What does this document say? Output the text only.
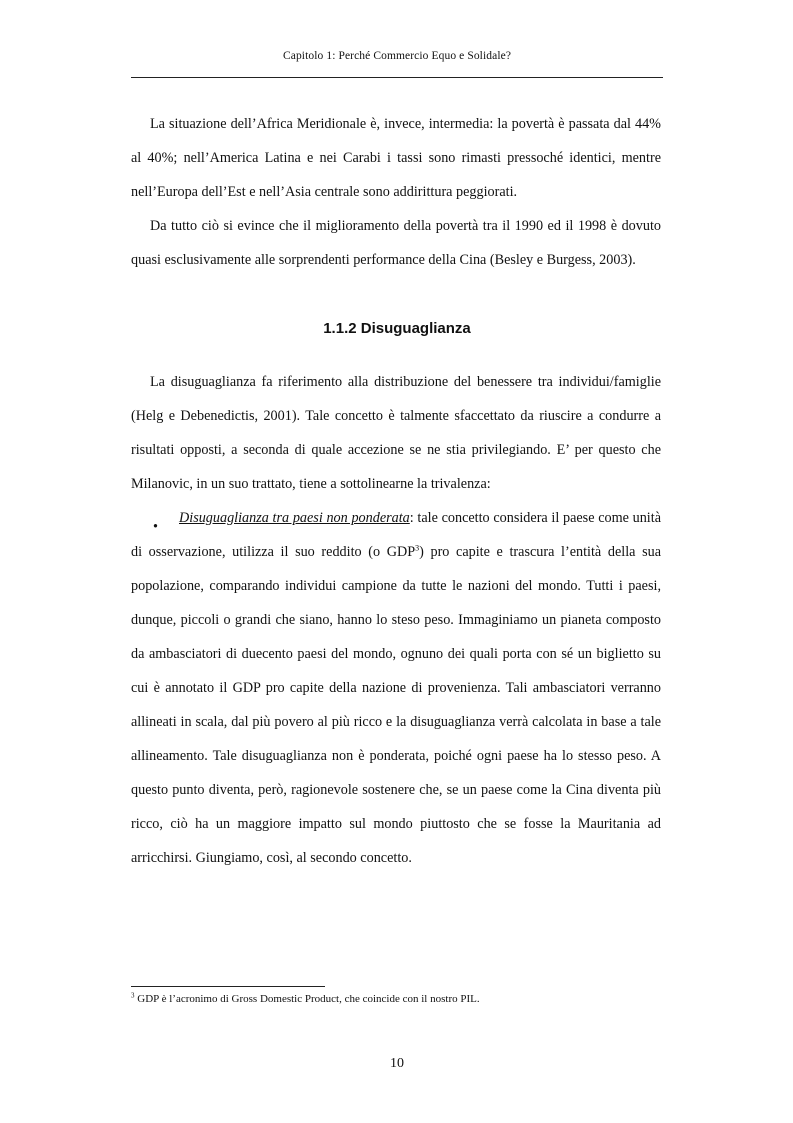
Capitolo 1: Perché Commercio Equo e Solidale?

La situazione dell’Africa Meridionale è, invece, intermedia: la povertà è passata dal 44% al 40%; nell’America Latina e nei Carabi i tassi sono rimasti pressoché identici, mentre nell’Europa dell’Est e nell’Asia centrale sono addirittura peggiorati.

Da tutto ciò si evince che il miglioramento della povertà tra il 1990 ed il 1998 è dovuto quasi esclusivamente alle sorprendenti performance della Cina (Besley e Burgess, 2003).

1.1.2 Disuguaglianza

La disuguaglianza fa riferimento alla distribuzione del benessere tra individui/famiglie (Helg e Debenedictis, 2001). Tale concetto è talmente sfaccettato da riuscire a condurre a risultati opposti, a seconda di quale accezione se ne stia privilegiando. E’ per questo che Milanovic, in un suo trattato, tiene a sottolinearne la trivalenza:

•
Disuguaglianza tra paesi non ponderata: tale concetto considera il paese come unità di osservazione, utilizza il suo reddito (o GDP$^3$) pro capite e trascura l’entità della sua popolazione, comparando individui campione da tutte le nazioni del mondo. Tutti i paesi, dunque, piccoli o grandi che siano, hanno lo steso peso. Immaginiamo un pianeta composto da ambasciatori di duecento paesi del mondo, ognuno dei quali porta con sé un biglietto su cui è annotato il GDP pro capite della nazione di provenienza. Tali ambasciatori verranno allineati in scala, dal più povero al più ricco e la disuguaglianza verrà calcolata in base a tale allineamento. Tale disuguaglianza non è ponderata, poiché ogni paese ha lo stesso peso. A questo punto diventa, però, ragionevole sostenere che, se un paese come la Cina diventa più ricco, ciò ha un maggiore impatto sul mondo piuttosto che se fosse la Mauritania ad arricchirsi. Giungiamo, così, al secondo concetto.

$^3$ GDP è l’acronimo di Gross Domestic Product, che coincide con il nostro PIL.
10
